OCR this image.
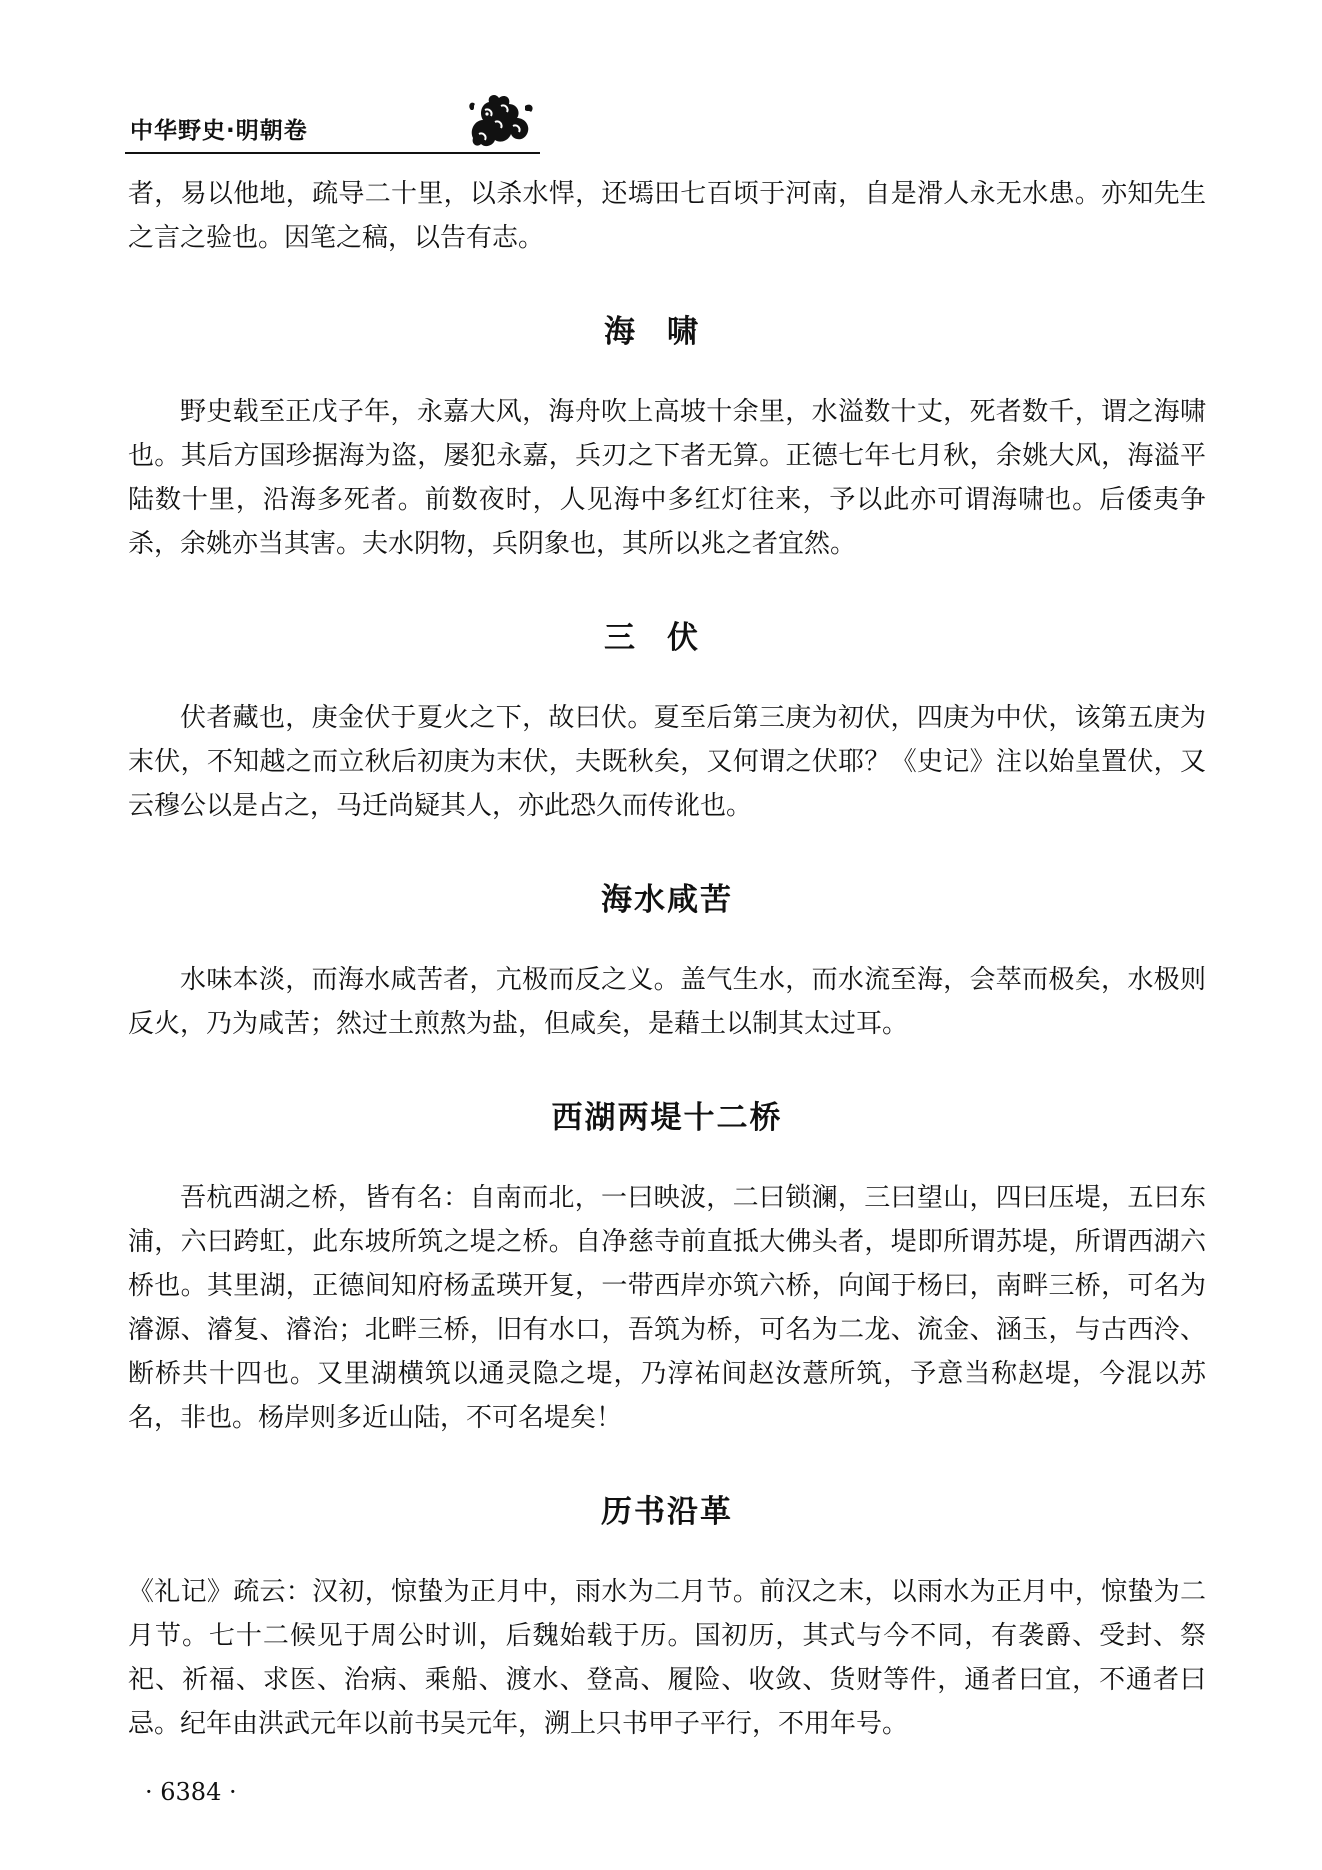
中华野史·明朝卷

者，易以他地，疏导二十里，以杀水悍，还墕田七百顷于河南，自是滑人永无水患。亦知先生之言之验也。因笔之稿，以告有志。

海啸

野史载至正戊子年，永嘉大风，海舟吹上高坡十余里，水溢数十丈，死者数千，谓之海啸也。其后方国珍据海为盗，屡犯永嘉，兵刃之下者无算。正德七年七月秋，余姚大风，海溢平陆数十里，沿海多死者。前数夜时，人见海中多红灯往来，予以此亦可谓海啸也。后倭夷争杀，余姚亦当其害。夫水阴物，兵阴象也，其所以兆之者宜然。

三伏

伏者藏也，庚金伏于夏火之下，故曰伏。夏至后第三庚为初伏，四庚为中伏，该第五庚为末伏，不知越之而立秋后初庚为末伏，夫既秋矣，又何谓之伏耶？《史记》注以始皇置伏，又云穆公以是占之，马迁尚疑其人，亦此恐久而传讹也。

海水咸苦

水味本淡，而海水咸苦者，亢极而反之义。盖气生水，而水流至海，会萃而极矣，水极则反火，乃为咸苦；然过土煎熬为盐，但咸矣，是藉土以制其太过耳。

西湖两堤十二桥

吾杭西湖之桥，皆有名：自南而北，一曰映波，二曰锁澜，三曰望山，四曰压堤，五曰东浦，六曰跨虹，此东坡所筑之堤之桥。自净慈寺前直抵大佛头者，堤即所谓苏堤，所谓西湖六桥也。其里湖，正德间知府杨孟瑛开复，一带西岸亦筑六桥，向闻于杨曰，南畔三桥，可名为濬源、濬复、濬治；北畔三桥，旧有水口，吾筑为桥，可名为二龙、流金、涵玉，与古西泠、断桥共十四也。又里湖横筑以通灵隐之堤，乃淳祐间赵汝薏所筑，予意当称赵堤，今混以苏名，非也。杨岸则多近山陆，不可名堤矣！

历书沿革

《礼记》疏云：汉初，惊蛰为正月中，雨水为二月节。前汉之末，以雨水为正月中，惊蛰为二月节。七十二候见于周公时训，后魏始载于历。国初历，其式与今不同，有袭爵、受封、祭祀、祈福、求医、治病、乘船、渡水、登高、履险、收敛、货财等件，通者曰宜，不通者曰忌。纪年由洪武元年以前书吴元年，溯上只书甲子平行，不用年号。

· 6384 ·
